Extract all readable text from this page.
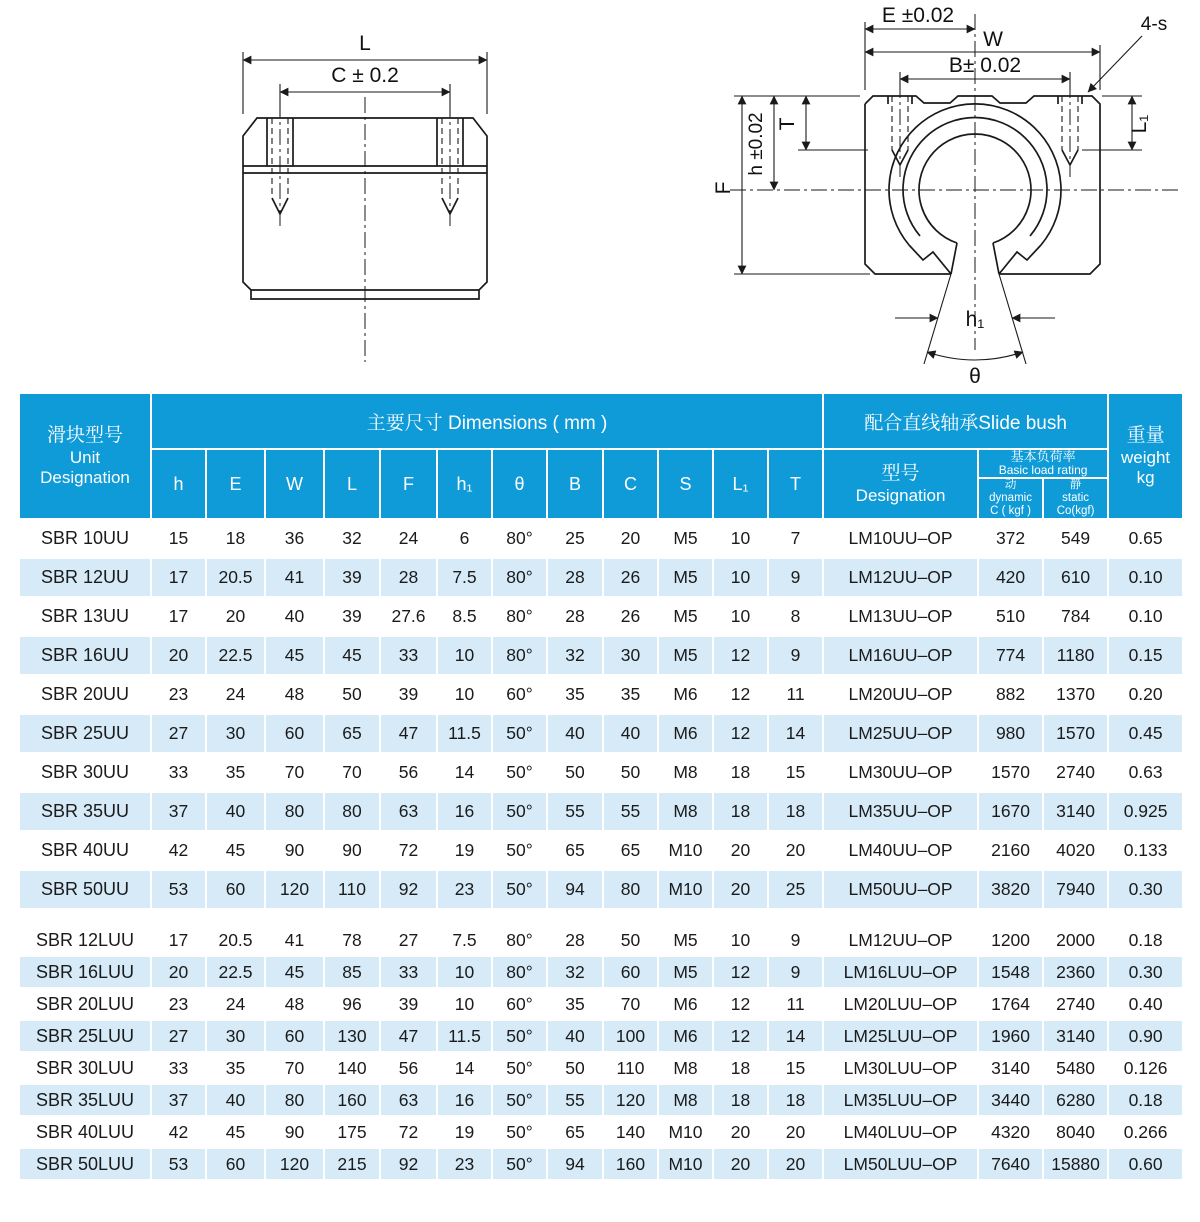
L
C ± 0.2
E ±0.02
W
B± 0.02
4-s
F
h ±0.02 T	L₁
h₁
θ
滑块型号
Unit
Designation
	主要尺寸 Dimensions ( mm )	配合直线轴承Slide bush	
重量
weight
kg

h	E	W	L	F	h₁	θ	B	C	S	L₁	T	型号
Designation

基本负荷率
Basic load rating

动
dynamic
C ( kgf )

静
static
Co(kgf)

SBR 10UU	15	18	36	32	24	6	80°	25	20	M5	10	7	LM10UU–OP	372	549	0.65
SBR 12UU	17	20.5	41	39	28	7.5	80°	28	26	M5	10	9	LM12UU–OP	420	610	0.10
SBR 13UU	17	20	40	39	27.6	8.5	80°	28	26	M5	10	8	LM13UU–OP	510	784	0.10
SBR 16UU	20	22.5	45	45	33	10	80°	32	30	M5	12	9	LM16UU–OP	774	1180	0.15
SBR 20UU	23	24	48	50	39	10	60°	35	35	M6	12	11	LM20UU–OP	882	1370	0.20
SBR 25UU	27	30	60	65	47	11.5	50°	40	40	M6	12	14	LM25UU–OP	980	1570	0.45
SBR 30UU	33	35	70	70	56	14	50°	50	50	M8	18	15	LM30UU–OP	1570	2740	0.63
SBR 35UU	37	40	80	80	63	16	50°	55	55	M8	18	18	LM35UU–OP	1670	3140	0.925
SBR 40UU	42	45	90	90	72	19	50°	65	65	M10	20	20	LM40UU–OP	2160	4020	0.133
SBR 50UU	53	60	120	110	92	23	50°	94	80	M10	20	25	LM50UU–OP	3820	7940	0.30

SBR 12LUU	17	20.5	41	78	27	7.5	80°	28	50	M5	10	9	LM12UU–OP	1200	2000	0.18
SBR 16LUU	20	22.5	45	85	33	10	80°	32	60	M5	12	9	LM16LUU–OP	1548	2360	0.30
SBR 20LUU	23	24	48	96	39	10	60°	35	70	M6	12	11	LM20LUU–OP	1764	2740	0.40
SBR 25LUU	27	30	60	130	47	11.5	50°	40	100	M6	12	14	LM25LUU–OP	1960	3140	0.90
SBR 30LUU	33	35	70	140	56	14	50°	50	110	M8	18	15	LM30LUU–OP	3140	5480	0.126
SBR 35LUU	37	40	80	160	63	16	50°	55	120	M8	18	18	LM35LUU–OP	3440	6280	0.18
SBR 40LUU	42	45	90	175	72	19	50°	65	140	M10	20	20	LM40LUU–OP	4320	8040	0.266
SBR 50LUU	53	60	120	215	92	23	50°	94	160	M10	20	20	LM50LUU–OP	7640	15880	0.60
